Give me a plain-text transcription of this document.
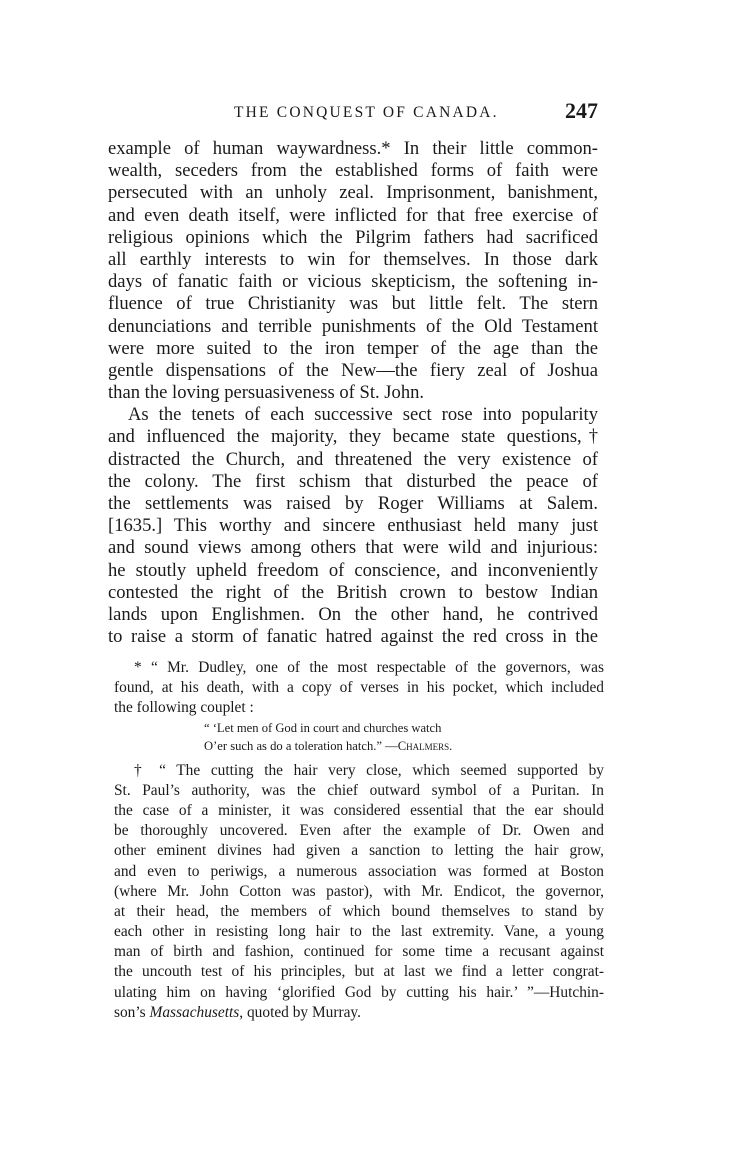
THE CONQUEST OF CANADA.	247
example of human waywardness.* In their little common-
wealth, seceders from the established forms of faith were
persecuted with an unholy zeal. Imprisonment, banishment,
and even death itself, were inflicted for that free exercise of
religious opinions which the Pilgrim fathers had sacrificed
all earthly interests to win for themselves. In those dark
days of fanatic faith or vicious skepticism, the softening in-
fluence of true Christianity was but little felt. The stern
denunciations and terrible punishments of the Old Testament
were more suited to the iron temper of the age than the
gentle dispensations of the New—the fiery zeal of Joshua
than the loving persuasiveness of St. John.
As the tenets of each successive sect rose into popularity
and influenced the majority, they became state questions,†
distracted the Church, and threatened the very existence of
the colony. The first schism that disturbed the peace of
the settlements was raised by Roger Williams at Salem.
[1635.] This worthy and sincere enthusiast held many just
and sound views among others that were wild and injurious:
he stoutly upheld freedom of conscience, and inconveniently
contested the right of the British crown to bestow Indian
lands upon Englishmen. On the other hand, he contrived
to raise a storm of fanatic hatred against the red cross in the
* “ Mr. Dudley, one of the most respectable of the governors, was
found, at his death, with a copy of verses in his pocket, which included
the following couplet :
“ ‘Let men of God in court and churches watch
O’er such as do a toleration hatch.” —Chalmers.
† “ The cutting the hair very close, which seemed supported by
St. Paul’s authority, was the chief outward symbol of a Puritan. In
the case of a minister, it was considered essential that the ear should
be thoroughly uncovered. Even after the example of Dr. Owen and
other eminent divines had given a sanction to letting the hair grow,
and even to periwigs, a numerous association was formed at Boston
(where Mr. John Cotton was pastor), with Mr. Endicot, the governor,
at their head, the members of which bound themselves to stand by
each other in resisting long hair to the last extremity. Vane, a young
man of birth and fashion, continued for some time a recusant against
the uncouth test of his principles, but at last we find a letter congrat-
ulating him on having ‘glorified God by cutting his hair.’ ”—Hutchin-
son’s Massachusetts, quoted by Murray.
